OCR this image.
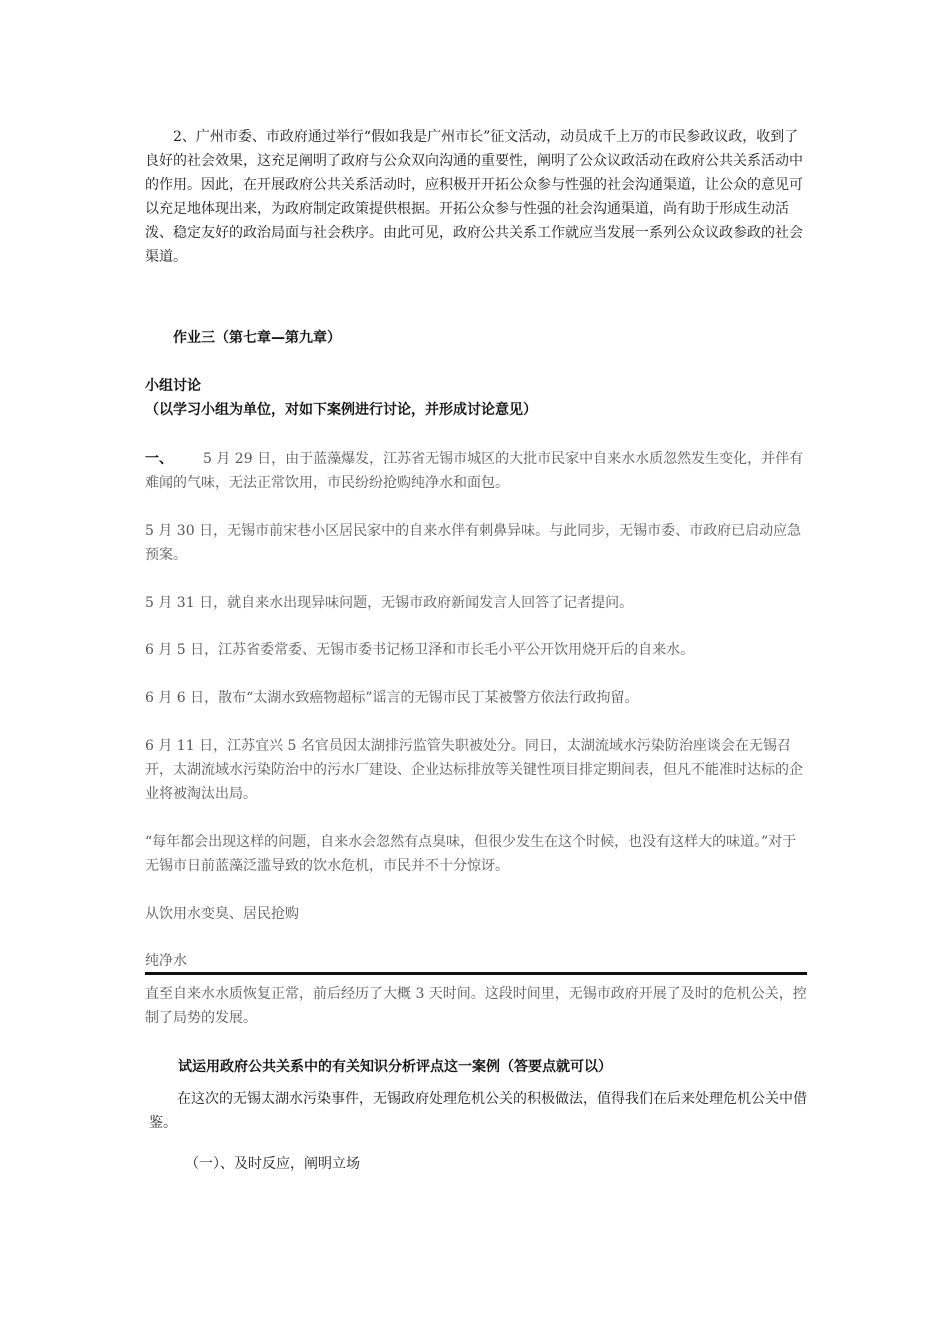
2、广州市委、市政府通过举行“假如我是广州市长”征文活动，动员成千上万的市民参政议政，收到了良好的社会效果，这充足阐明了政府与公众双向沟通的重要性，阐明了公众议政活动在政府公共关系活动中的作用。因此，在开展政府公共关系活动时，应积极开开拓公众参与性强的社会沟通渠道，让公众的意见可以充足地体现出来，为政府制定政策提供根据。开拓公众参与性强的社会沟通渠道，尚有助于形成生动活泼、稳定友好的政治局面与社会秩序。由此可见，政府公共关系工作就应当发展一系列公众议政参政的社会渠道。

作业三（第七章—第九章）

小组讨论

（以学习小组为单位，对如下案例进行讨论，并形成讨论意见）

一、 5 月 29 日，由于蓝藻爆发，江苏省无锡市城区的大批市民家中自来水水质忽然发生变化，并伴有难闻的气味，无法正常饮用，市民纷纷抢购纯净水和面包。

5 月 30 日，无锡市前宋巷小区居民家中的自来水伴有刺鼻异味。与此同步，无锡市委、市政府已启动应急预案。

5 月 31 日，就自来水出现异味问题，无锡市政府新闻发言人回答了记者提问。

6 月 5 日，江苏省委常委、无锡市委书记杨卫泽和市长毛小平公开饮用烧开后的自来水。

6 月 6 日，散布“太湖水致癌物超标”谣言的无锡市民丁某被警方依法行政拘留。

6 月 11 日，江苏宜兴 5 名官员因太湖排污监管失职被处分。同日，太湖流域水污染防治座谈会在无锡召开，太湖流域水污染防治中的污水厂建设、企业达标排放等关键性项目排定期间表，但凡不能准时达标的企业将被淘汰出局。

“每年都会出现这样的问题，自来水会忽然有点臭味，但很少发生在这个时候，也没有这样大的味道。”对于无锡市日前蓝藻泛滥导致的饮水危机，市民并不十分惊讶。

从饮用水变臭、居民抢购

纯净水

直至自来水水质恢复正常，前后经历了大概 3 天时间。这段时间里，无锡市政府开展了及时的危机公关，控制了局势的发展。

试运用政府公共关系中的有关知识分析评点这一案例（答要点就可以）

在这次的无锡太湖水污染事件，无锡政府处理危机公关的积极做法，值得我们在后来处理危机公关中借鉴。

（一）、及时反应，阐明立场
